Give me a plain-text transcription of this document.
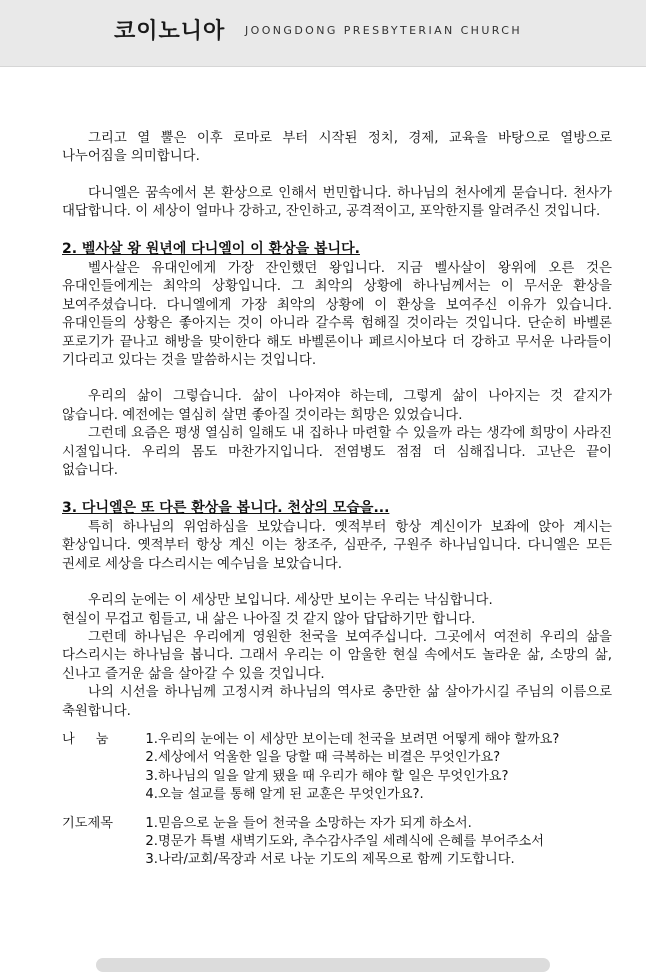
코이노니아 JOONGDONG PRESBYTERIAN CHURCH

그리고 열 뿔은 이후 로마로 부터 시작된 정치, 경제, 교육을 바탕으로 열방으로 나누어짐을 의미합니다.

다니엘은 꿈속에서 본 환상으로 인해서 번민합니다. 하나님의 천사에게 묻습니다. 천사가 대답합니다. 이 세상이 얼마나 강하고, 잔인하고, 공격적이고, 포악한지를 알려주신 것입니다.

2. 벨사살 왕 원년에 다니엘이 이 환상을 봅니다.

벨사살은 유대인에게 가장 잔인했던 왕입니다. 지금 벨사살이 왕위에 오른 것은 유대인들에게는 최악의 상황입니다. 그 최악의 상황에 하나님께서는 이 무서운 환상을 보여주셨습니다. 다니엘에게 가장 최악의 상황에 이 환상을 보여주신 이유가 있습니다. 유대인들의 상황은 좋아지는 것이 아니라 갈수록 험해질 것이라는 것입니다. 단순히 바벨론 포로기가 끝나고 해방을 맞이한다 해도 바벨론이나 페르시아보다 더 강하고 무서운 나라들이 기다리고 있다는 것을 말씀하시는 것입니다.

우리의 삶이 그렇습니다. 삶이 나아져야 하는데, 그렇게 삶이 나아지는 것 같지가 않습니다. 예전에는 열심히 살면 좋아질 것이라는 희망은 있었습니다.

그런데 요즘은 평생 열심히 일해도 내 집하나 마련할 수 있을까 라는 생각에 희망이 사라진 시절입니다. 우리의 몸도 마찬가지입니다. 전염병도 점점 더 심해집니다. 고난은 끝이 없습니다.

3. 다니엘은 또 다른 환상을 봅니다. 천상의 모습을...

특히 하나님의 위엄하심을 보았습니다. 옛적부터 항상 계신이가 보좌에 앉아 계시는 환상입니다. 옛적부터 항상 계신 이는 창조주, 심판주, 구원주 하나님입니다. 다니엘은 모든 권세로 세상을 다스리시는 예수님을 보았습니다.

우리의 눈에는 이 세상만 보입니다. 세상만 보이는 우리는 낙심합니다.

현실이 무겁고 힘들고, 내 삶은 나아질 것 같지 않아 답답하기만 합니다.

그런데 하나님은 우리에게 영원한 천국을 보여주십니다. 그곳에서 여전히 우리의 삶을 다스리시는 하나님을 봅니다. 그래서 우리는 이 암울한 현실 속에서도 놀라운 삶, 소망의 삶, 신나고 즐거운 삶을 살아갈 수 있을 것입니다.

나의 시선을 하나님께 고정시켜 하나님의 역사로 충만한 삶 살아가시길 주님의 이름으로 축원합니다.

나     눔	1.	우리의 눈에는 이 세상만 보이는데 천국을 보려면 어떻게 해야 할까요?
	2.	세상에서 억울한 일을 당할 때 극복하는 비결은 무엇인가요?
	3.	하나님의 일을 알게 됐을 때 우리가 해야 할 일은 무엇인가요?
	4.	오늘 설교를 통해 알게 된 교훈은 무엇인가요?.
기도제목	1.	믿음으로 눈을 들어 천국을 소망하는 자가 되게 하소서.
	2.	명문가 특별 새벽기도와, 추수감사주일 세례식에 은혜를 부어주소서
	3.	나라/교회/목장과 서로 나눈 기도의 제목으로 함께 기도합니다.
